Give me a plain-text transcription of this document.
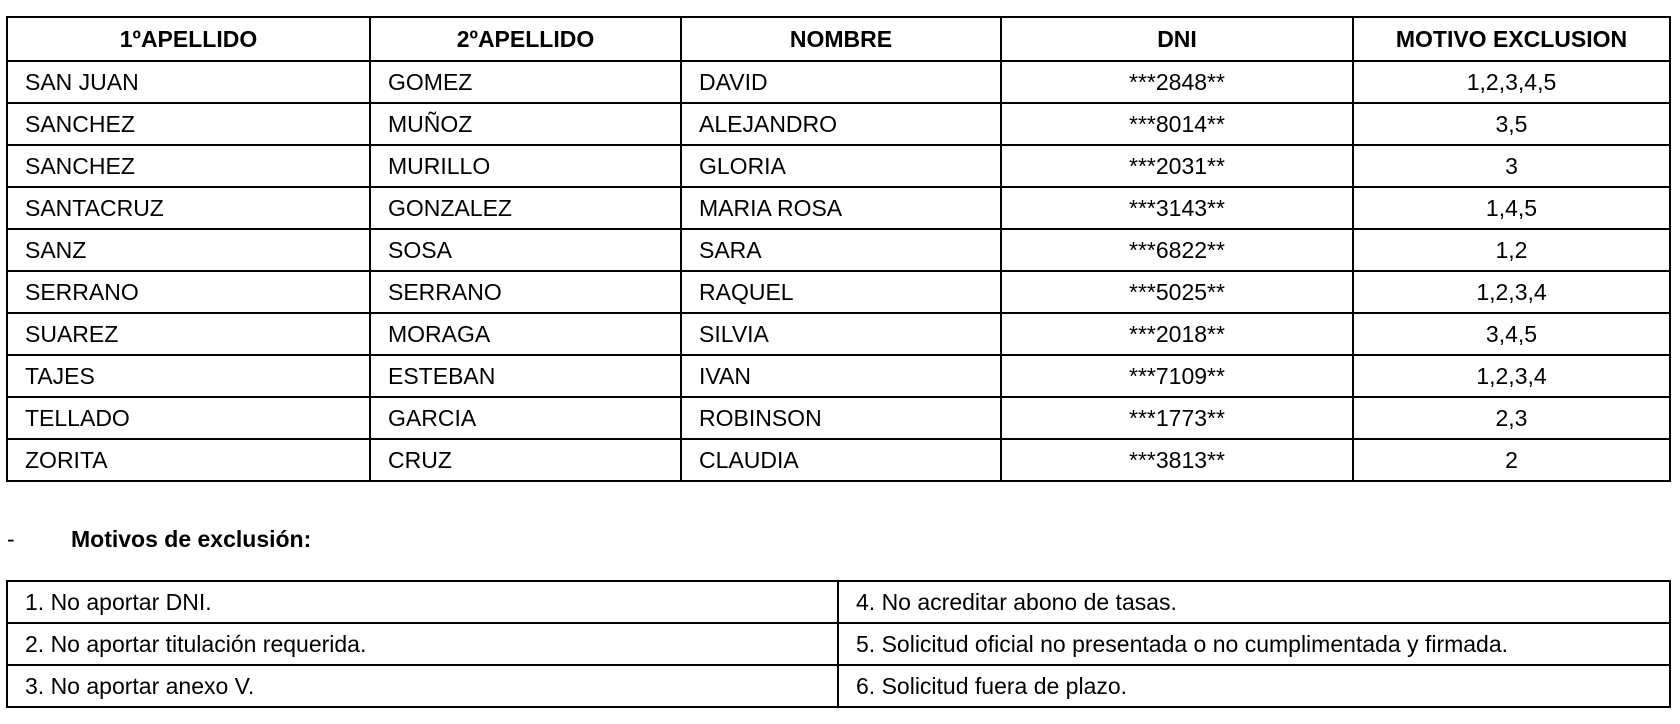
1ºAPELLIDO	2ºAPELLIDO	NOMBRE	DNI	MOTIVO EXCLUSION
SAN JUAN	GOMEZ	DAVID	***2848**	1,2,3,4,5
SANCHEZ	MUÑOZ	ALEJANDRO	***8014**	3,5
SANCHEZ	MURILLO	GLORIA	***2031**	3
SANTACRUZ	GONZALEZ	MARIA ROSA	***3143**	1,4,5
SANZ	SOSA	SARA	***6822**	1,2
SERRANO	SERRANO	RAQUEL	***5025**	1,2,3,4
SUAREZ	MORAGA	SILVIA	***2018**	3,4,5
TAJES	ESTEBAN	IVAN	***7109**	1,2,3,4
TELLADO	GARCIA	ROBINSON	***1773**	2,3
ZORITA	CRUZ	CLAUDIA	***3813**	2
-	Motivos de exclusión:
1. No aportar DNI.	4. No acreditar abono de tasas.
2. No aportar titulación requerida.	5. Solicitud oficial no presentada o no cumplimentada y firmada.
3. No aportar anexo V.	6. Solicitud fuera de plazo.
